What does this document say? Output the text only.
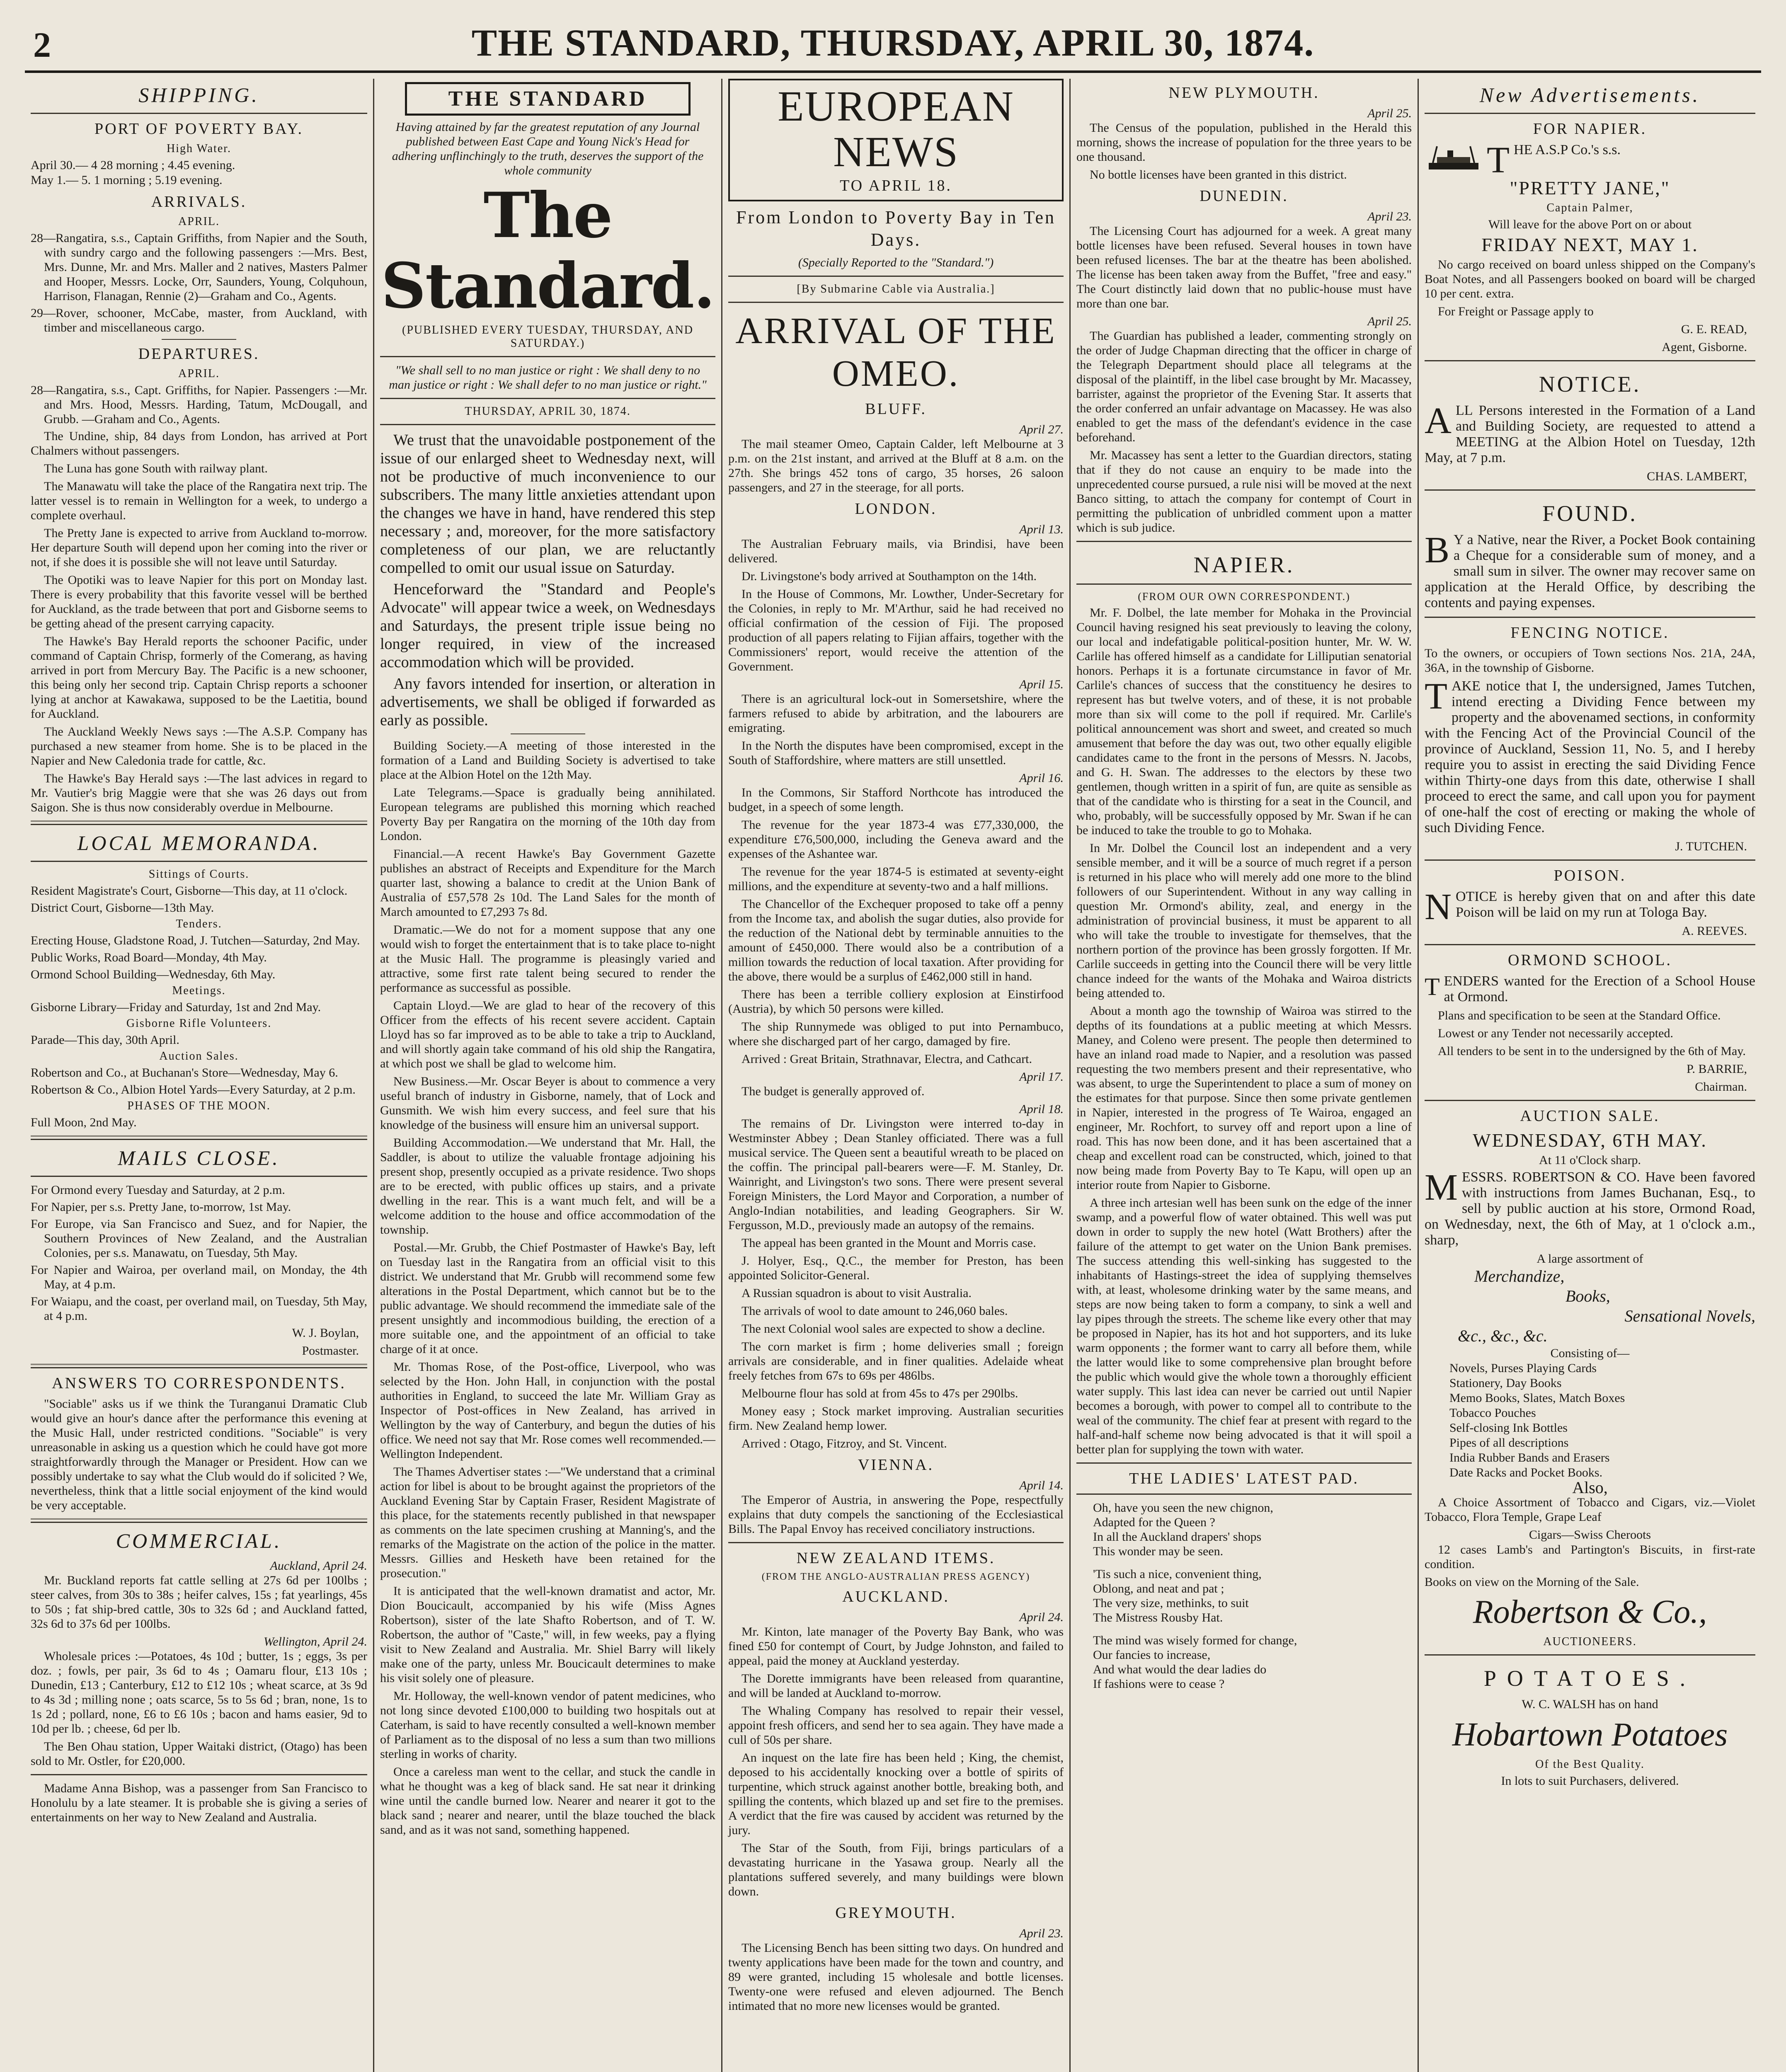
2	THE STANDARD, THURSDAY, APRIL 30, 1874.
SHIPPING.
PORT OF POVERTY BAY.
High Water.
April 30.— 4 28 morning ; 4.45 evening.
May 1.— 5. 1 morning ; 5.19 evening.
ARRIVALS.
APRIL.
28—Rangatira, s.s., Captain Griffiths, from Napier and the South, with sundry cargo and the following passengers :—Mrs. Best, Mrs. Dunne, Mr. and Mrs. Maller and 2 natives, Masters Palmer and Hooper, Messrs. Locke, Orr, Saunders, Young, Colquhoun, Harrison, Flanagan, Rennie (2)—Graham and Co., Agents.
29—Rover, schooner, McCabe, master, from Auckland, with timber and miscellaneous cargo.
DEPARTURES.
APRIL.
28—Rangatira, s.s., Capt. Griffiths, for Napier. Passengers :—Mr. and Mrs. Hood, Messrs. Harding, Tatum, McDougall, and Grubb. —Graham and Co., Agents.
The Undine, ship, 84 days from London, has arrived at Port Chalmers without passengers.
The Luna has gone South with railway plant.
The Manawatu will take the place of the Rangatira next trip. The latter vessel is to remain in Wellington for a week, to undergo a complete overhaul.
The Pretty Jane is expected to arrive from Auckland to-morrow. Her departure South will depend upon her coming into the river or not, if she does it is possible she will not leave until Saturday.
The Opotiki was to leave Napier for this port on Monday last. There is every probability that this favorite vessel will be berthed for Auckland, as the trade between that port and Gisborne seems to be getting ahead of the present carrying capacity.
The Hawke's Bay Herald reports the schooner Pacific, under command of Captain Chrisp, formerly of the Comerang, as having arrived in port from Mercury Bay. The Pacific is a new schooner, this being only her second trip. Captain Chrisp reports a schooner lying at anchor at Kawakawa, supposed to be the Laetitia, bound for Auckland.
The Auckland Weekly News says :—The A.S.P. Company has purchased a new steamer from home. She is to be placed in the Napier and New Caledonia trade for cattle, &c.
The Hawke's Bay Herald says :—The last advices in regard to Mr. Vautier's brig Maggie were that she was 26 days out from Saigon. She is thus now considerably overdue in Melbourne.
LOCAL MEMORANDA.
Sittings of Courts.
Resident Magistrate's Court, Gisborne—This day, at 11 o'clock.
District Court, Gisborne—13th May.
Tenders.
Erecting House, Gladstone Road, J. Tutchen—Saturday, 2nd May.
Public Works, Road Board—Monday, 4th May.
Ormond School Building—Wednesday, 6th May.
Meetings.
Gisborne Library—Friday and Saturday, 1st and 2nd May.
Gisborne Rifle Volunteers.
Parade—This day, 30th April.
Auction Sales.
Robertson and Co., at Buchanan's Store—Wednesday, May 6.
Robertson & Co., Albion Hotel Yards—Every Saturday, at 2 p.m.
PHASES OF THE MOON.
Full Moon, 2nd May.
MAILS CLOSE.
For Ormond every Tuesday and Saturday, at 2 p.m.
For Napier, per s.s. Pretty Jane, to-morrow, 1st May.
For Europe, via San Francisco and Suez, and for Napier, the Southern Provinces of New Zealand, and the Australian Colonies, per s.s. Manawatu, on Tuesday, 5th May.
For Napier and Wairoa, per overland mail, on Monday, the 4th May, at 4 p.m.
For Waiapu, and the coast, per overland mail, on Tuesday, 5th May, at 4 p.m.
W. J. Boylan,
Postmaster.
ANSWERS TO CORRESPONDENTS.
"Sociable" asks us if we think the Turanganui Dramatic Club would give an hour's dance after the performance this evening at the Music Hall, under restricted conditions. "Sociable" is very unreasonable in asking us a question which he could have got more straightforwardly through the Manager or President. How can we possibly undertake to say what the Club would do if solicited ? We, nevertheless, think that a little social enjoyment of the kind would be very acceptable.
COMMERCIAL.
Auckland, April 24.
Mr. Buckland reports fat cattle selling at 27s 6d per 100lbs ; steer calves, from 30s to 38s ; heifer calves, 15s ; fat yearlings, 45s to 50s ; fat ship-bred cattle, 30s to 32s 6d ; and Auckland fatted, 32s 6d to 37s 6d per 100lbs.
Wellington, April 24.
Wholesale prices :—Potatoes, 4s 10d ; butter, 1s ; eggs, 3s per doz. ; fowls, per pair, 3s 6d to 4s ; Oamaru flour, £13 10s ; Dunedin, £13 ; Canterbury, £12 to £12 10s ; wheat scarce, at 3s 9d to 4s 3d ; milling none ; oats scarce, 5s to 5s 6d ; bran, none, 1s to 1s 2d ; pollard, none, £6 to £6 10s ; bacon and hams easier, 9d to 10d per lb. ; cheese, 6d per lb.
The Ben Ohau station, Upper Waitaki district, (Otago) has been sold to Mr. Ostler, for £20,000.
Madame Anna Bishop, was a passenger from San Francisco to Honolulu by a late steamer. It is probable she is giving a series of entertainments on her way to New Zealand and Australia.
THE STANDARD
Having attained by far the greatest reputation of any Journal published between East Cape and Young Nick's Head for adhering unflinchingly to the truth, deserves the support of the whole community
The Standard.
(PUBLISHED EVERY TUESDAY, THURSDAY, AND SATURDAY.)
"We shall sell to no man justice or right : We shall deny to no man justice or right : We shall defer to no man justice or right."
THURSDAY, APRIL 30, 1874.
We trust that the unavoidable postponement of the issue of our enlarged sheet to Wednesday next, will not be productive of much inconvenience to our subscribers. The many little anxieties attendant upon the changes we have in hand, have rendered this step necessary ; and, moreover, for the more satisfactory completeness of our plan, we are reluctantly compelled to omit our usual issue on Saturday.
Henceforward the "Standard and People's Advocate" will appear twice a week, on Wednesdays and Saturdays, the present triple issue being no longer required, in view of the increased accommodation which will be provided.
Any favors intended for insertion, or alteration in advertisements, we shall be obliged if forwarded as early as possible.
Building Society.—A meeting of those interested in the formation of a Land and Building Society is advertised to take place at the Albion Hotel on the 12th May.
Late Telegrams.—Space is gradually being annihilated. European telegrams are published this morning which reached Poverty Bay per Rangatira on the morning of the 10th day from London.
Financial.—A recent Hawke's Bay Government Gazette publishes an abstract of Receipts and Expenditure for the March quarter last, showing a balance to credit at the Union Bank of Australia of £57,578 2s 10d. The Land Sales for the month of March amounted to £7,293 7s 8d.
Dramatic.—We do not for a moment suppose that any one would wish to forget the entertainment that is to take place to-night at the Music Hall. The programme is pleasingly varied and attractive, some first rate talent being secured to render the performance as successful as possible.
Captain Lloyd.—We are glad to hear of the recovery of this Officer from the effects of his recent severe accident. Captain Lloyd has so far improved as to be able to take a trip to Auckland, and will shortly again take command of his old ship the Rangatira, at which post we shall be glad to welcome him.
New Business.—Mr. Oscar Beyer is about to commence a very useful branch of industry in Gisborne, namely, that of Lock and Gunsmith. We wish him every success, and feel sure that his knowledge of the business will ensure him an universal support.
Building Accommodation.—We understand that Mr. Hall, the Saddler, is about to utilize the valuable frontage adjoining his present shop, presently occupied as a private residence. Two shops are to be erected, with public offices up stairs, and a private dwelling in the rear. This is a want much felt, and will be a welcome addition to the house and office accommodation of the township.
Postal.—Mr. Grubb, the Chief Postmaster of Hawke's Bay, left on Tuesday last in the Rangatira from an official visit to this district. We understand that Mr. Grubb will recommend some few alterations in the Postal Department, which cannot but be to the public advantage. We should recommend the immediate sale of the present unsightly and incommodious building, the erection of a more suitable one, and the appointment of an official to take charge of it at once.
Mr. Thomas Rose, of the Post-office, Liverpool, who was selected by the Hon. John Hall, in conjunction with the postal authorities in England, to succeed the late Mr. William Gray as Inspector of Post-offices in New Zealand, has arrived in Wellington by the way of Canterbury, and begun the duties of his office. We need not say that Mr. Rose comes well recommended.—Wellington Independent.
The Thames Advertiser states :—"We understand that a criminal action for libel is about to be brought against the proprietors of the Auckland Evening Star by Captain Fraser, Resident Magistrate of this place, for the statements recently published in that newspaper as comments on the late specimen crushing at Manning's, and the remarks of the Magistrate on the action of the police in the matter. Messrs. Gillies and Hesketh have been retained for the prosecution."
It is anticipated that the well-known dramatist and actor, Mr. Dion Boucicault, accompanied by his wife (Miss Agnes Robertson), sister of the late Shafto Robertson, and of T. W. Robertson, the author of "Caste," will, in few weeks, pay a flying visit to New Zealand and Australia. Mr. Shiel Barry will likely make one of the party, unless Mr. Boucicault determines to make his visit solely one of pleasure.
Mr. Holloway, the well-known vendor of patent medicines, who not long since devoted £100,000 to building two hospitals out at Caterham, is said to have recently consulted a well-known member of Parliament as to the disposal of no less a sum than two millions sterling in works of charity.
Once a careless man went to the cellar, and stuck the candle in what he thought was a keg of black sand. He sat near it drinking wine until the candle burned low. Nearer and nearer it got to the black sand ; nearer and nearer, until the blaze touched the black sand, and as it was not sand, something happened.
EUROPEAN NEWS
TO APRIL 18.
From London to Poverty Bay in Ten Days.
(Specially Reported to the "Standard.")
[By Submarine Cable via Australia.]
ARRIVAL OF THE OMEO.
BLUFF.
April 27.
The mail steamer Omeo, Captain Calder, left Melbourne at 3 p.m. on the 21st instant, and arrived at the Bluff at 8 a.m. on the 27th. She brings 452 tons of cargo, 35 horses, 26 saloon passengers, and 27 in the steerage, for all ports.
LONDON.
April 13.
The Australian February mails, via Brindisi, have been delivered.
Dr. Livingstone's body arrived at Southampton on the 14th.
In the House of Commons, Mr. Lowther, Under-Secretary for the Colonies, in reply to Mr. M'Arthur, said he had received no official confirmation of the cession of Fiji. The proposed production of all papers relating to Fijian affairs, together with the Commissioners' report, would receive the attention of the Government.
April 15.
There is an agricultural lock-out in Somersetshire, where the farmers refused to abide by arbitration, and the labourers are emigrating.
In the North the disputes have been compromised, except in the South of Staffordshire, where matters are still unsettled.
April 16.
In the Commons, Sir Stafford Northcote has introduced the budget, in a speech of some length.
The revenue for the year 1873-4 was £77,330,000, the expenditure £76,500,000, including the Geneva award and the expenses of the Ashantee war.
The revenue for the year 1874-5 is estimated at seventy-eight millions, and the expenditure at seventy-two and a half millions.
The Chancellor of the Exchequer proposed to take off a penny from the Income tax, and abolish the sugar duties, also provide for the reduction of the National debt by terminable annuities to the amount of £450,000. There would also be a contribution of a million towards the reduction of local taxation. After providing for the above, there would be a surplus of £462,000 still in hand.
There has been a terrible colliery explosion at Einstirfood (Austria), by which 50 persons were killed.
The ship Runnymede was obliged to put into Pernambuco, where she discharged part of her cargo, damaged by fire.
Arrived : Great Britain, Strathnavar, Electra, and Cathcart.
April 17.
The budget is generally approved of.
April 18.
The remains of Dr. Livingston were interred to-day in Westminster Abbey ; Dean Stanley officiated. There was a full musical service. The Queen sent a beautiful wreath to be placed on the coffin. The principal pall-bearers were—F. M. Stanley, Dr. Wainright, and Livingston's two sons. There were present several Foreign Ministers, the Lord Mayor and Corporation, a number of Anglo-Indian notabilities, and leading Geographers. Sir W. Fergusson, M.D., previously made an autopsy of the remains.
The appeal has been granted in the Mount and Morris case.
J. Holyer, Esq., Q.C., the member for Preston, has been appointed Solicitor-General.
A Russian squadron is about to visit Australia.
The arrivals of wool to date amount to 246,060 bales.
The next Colonial wool sales are expected to show a decline.
The corn market is firm ; home deliveries small ; foreign arrivals are considerable, and in finer qualities. Adelaide wheat freely fetches from 67s to 69s per 486lbs.
Melbourne flour has sold at from 45s to 47s per 290lbs.
Money easy ; Stock market improving. Australian securities firm. New Zealand hemp lower.
Arrived : Otago, Fitzroy, and St. Vincent.
VIENNA.
April 14.
The Emperor of Austria, in answering the Pope, respectfully explains that duty compels the sanctioning of the Ecclesiastical Bills. The Papal Envoy has received conciliatory instructions.
NEW ZEALAND ITEMS.
(FROM THE ANGLO-AUSTRALIAN PRESS AGENCY)
AUCKLAND.
April 24.
Mr. Kinton, late manager of the Poverty Bay Bank, who was fined £50 for contempt of Court, by Judge Johnston, and failed to appeal, paid the money at Auckland yesterday.
The Dorette immigrants have been released from quarantine, and will be landed at Auckland to-morrow.
The Whaling Company has resolved to repair their vessel, appoint fresh officers, and send her to sea again. They have made a cull of 50s per share.
An inquest on the late fire has been held ; King, the chemist, deposed to his accidentally knocking over a bottle of spirits of turpentine, which struck against another bottle, breaking both, and spilling the contents, which blazed up and set fire to the premises. A verdict that the fire was caused by accident was returned by the jury.
The Star of the South, from Fiji, brings particulars of a devastating hurricane in the Yasawa group. Nearly all the plantations suffered severely, and many buildings were blown down.
GREYMOUTH.
April 23.
The Licensing Bench has been sitting two days. On hundred and twenty applications have been made for the town and country, and 89 were granted, including 15 wholesale and bottle licenses. Twenty-one were refused and eleven adjourned. The Bench intimated that no more new licenses would be granted.
NEW PLYMOUTH.
April 25.
The Census of the population, published in the Herald this morning, shows the increase of population for the three years to be one thousand.
No bottle licenses have been granted in this district.
DUNEDIN.
April 23.
The Licensing Court has adjourned for a week. A great many bottle licenses have been refused. Several houses in town have been refused licenses. The bar at the theatre has been abolished. The license has been taken away from the Buffet, "free and easy." The Court distinctly laid down that no public-house must have more than one bar.
April 25.
The Guardian has published a leader, commenting strongly on the order of Judge Chapman directing that the officer in charge of the Telegraph Department should place all telegrams at the disposal of the plaintiff, in the libel case brought by Mr. Macassey, barrister, against the proprietor of the Evening Star. It asserts that the order conferred an unfair advantage on Macassey. He was also enabled to get the mass of the defendant's evidence in the case beforehand.
Mr. Macassey has sent a letter to the Guardian directors, stating that if they do not cause an enquiry to be made into the unprecedented course pursued, a rule nisi will be moved at the next Banco sitting, to attach the company for contempt of Court in permitting the publication of unbridled comment upon a matter which is sub judice.
NAPIER.
(FROM OUR OWN CORRESPONDENT.)
Mr. F. Dolbel, the late member for Mohaka in the Provincial Council having resigned his seat previously to leaving the colony, our local and indefatigable political-position hunter, Mr. W. W. Carlile has offered himself as a candidate for Lilliputian senatorial honors. Perhaps it is a fortunate circumstance in favor of Mr. Carlile's chances of success that the constituency he desires to represent has but twelve voters, and of these, it is not probable more than six will come to the poll if required. Mr. Carlile's political announcement was short and sweet, and created so much amusement that before the day was out, two other equally eligible candidates came to the front in the persons of Messrs. N. Jacobs, and G. H. Swan. The addresses to the electors by these two gentlemen, though written in a spirit of fun, are quite as sensible as that of the candidate who is thirsting for a seat in the Council, and who, probably, will be successfully opposed by Mr. Swan if he can be induced to take the trouble to go to Mohaka.
In Mr. Dolbel the Council lost an independent and a very sensible member, and it will be a source of much regret if a person is returned in his place who will merely add one more to the blind followers of our Superintendent. Without in any way calling in question Mr. Ormond's ability, zeal, and energy in the administration of provincial business, it must be apparent to all who will take the trouble to investigate for themselves, that the northern portion of the province has been grossly forgotten. If Mr. Carlile succeeds in getting into the Council there will be very little chance indeed for the wants of the Mohaka and Wairoa districts being attended to.
About a month ago the township of Wairoa was stirred to the depths of its foundations at a public meeting at which Messrs. Maney, and Coleno were present. The people then determined to have an inland road made to Napier, and a resolution was passed requesting the two members present and their representative, who was absent, to urge the Superintendent to place a sum of money on the estimates for that purpose. Since then some private gentlemen in Napier, interested in the progress of Te Wairoa, engaged an engineer, Mr. Rochfort, to survey off and report upon a line of road. This has now been done, and it has been ascertained that a cheap and excellent road can be constructed, which, joined to that now being made from Poverty Bay to Te Kapu, will open up an interior route from Napier to Gisborne.
A three inch artesian well has been sunk on the edge of the inner swamp, and a powerful flow of water obtained. This well was put down in order to supply the new hotel (Watt Brothers) after the failure of the attempt to get water on the Union Bank premises. The success attending this well-sinking has suggested to the inhabitants of Hastings-street the idea of supplying themselves with, at least, wholesome drinking water by the same means, and steps are now being taken to form a company, to sink a well and lay pipes through the streets. The scheme like every other that may be proposed in Napier, has its hot and hot supporters, and its luke warm opponents ; the former want to carry all before them, while the latter would like to some comprehensive plan brought before the public which would give the whole town a thoroughly efficient water supply. This last idea can never be carried out until Napier becomes a borough, with power to compel all to contribute to the weal of the community. The chief fear at present with regard to the half-and-half scheme now being advocated is that it will spoil a better plan for supplying the town with water.
THE LADIES' LATEST PAD.
Oh, have you seen the new chignon,
Adapted for the Queen ?
In all the Auckland drapers' shops
This wonder may be seen.
'Tis such a nice, convenient thing,
Oblong, and neat and pat ;
The very size, methinks, to suit
The Mistress Rousby Hat.
The mind was wisely formed for change,
Our fancies to increase,
And what would the dear ladies do
If fashions were to cease ?
New Advertisements.
FOR NAPIER.
T HE A.S.P Co.'s s.s.
"PRETTY JANE,"
Captain Palmer,
Will leave for the above Port on or about
FRIDAY NEXT, MAY 1.
No cargo received on board unless shipped on the Company's Boat Notes, and all Passengers booked on board will be charged 10 per cent. extra.
For Freight or Passage apply to
G. E. READ,
Agent, Gisborne.
NOTICE.
A LL Persons interested in the Formation of a Land and Building Society, are requested to attend a MEETING at the Albion Hotel on Tuesday, 12th May, at 7 p.m.
CHAS. LAMBERT,
FOUND.
B Y a Native, near the River, a Pocket Book containing a Cheque for a considerable sum of money, and a small sum in silver. The owner may recover same on application at the Herald Office, by describing the contents and paying expenses.
FENCING NOTICE.
To the owners, or occupiers of Town sections Nos. 21A, 24A, 36A, in the township of Gisborne.
T AKE notice that I, the undersigned, James Tutchen, intend erecting a Dividing Fence between my property and the abovenamed sections, in conformity with the Fencing Act of the Provincial Council of the province of Auckland, Session 11, No. 5, and I hereby require you to assist in erecting the said Dividing Fence within Thirty-one days from this date, otherwise I shall proceed to erect the same, and call upon you for payment of one-half the cost of erecting or making the whole of such Dividing Fence.
J. TUTCHEN.
POISON.
N OTICE is hereby given that on and after this date Poison will be laid on my run at Tologa Bay.
A. REEVES.
ORMOND SCHOOL.
T ENDERS wanted for the Erection of a School House at Ormond.
Plans and specification to be seen at the Standard Office.
Lowest or any Tender not necessarily accepted.
All tenders to be sent in to the undersigned by the 6th of May.
P. BARRIE,
Chairman.
AUCTION SALE.
WEDNESDAY, 6TH MAY.
At 11 o'Clock sharp.
M ESSRS. ROBERTSON & CO. Have been favored with instructions from James Buchanan, Esq., to sell by public auction at his store, Ormond Road, on Wednesday, next, the 6th of May, at 1 o'clock a.m., sharp,
A large assortment of
Merchandize,
Books,
Sensational Novels,
&c., &c., &c.
Consisting of—
Novels, Purses Playing Cards
Stationery, Day Books
Memo Books, Slates, Match Boxes
Tobacco Pouches
Self-closing Ink Bottles
Pipes of all descriptions
India Rubber Bands and Erasers
Date Racks and Pocket Books.
Also,
A Choice Assortment of Tobacco and Cigars, viz.—Violet Tobacco, Flora Temple, Grape Leaf
Cigars—Swiss Cheroots
12 cases Lamb's and Partington's Biscuits, in first-rate condition.
Books on view on the Morning of the Sale.
Robertson & Co.,
AUCTIONEERS.
POTATOES.
W. C. WALSH has on hand
Hobartown Potatoes
Of the Best Quality.
In lots to suit Purchasers, delivered.
